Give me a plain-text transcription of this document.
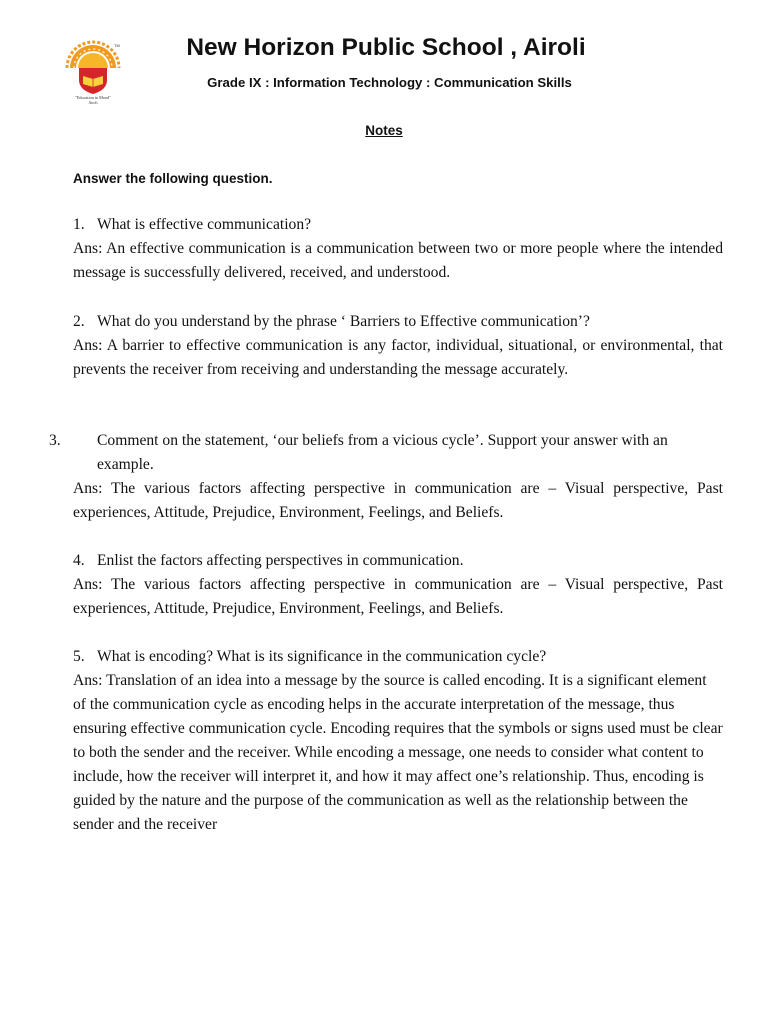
TM
"Education in Mood"
Airoli
New Horizon Public School , Airoli
Grade IX : Information Technology : Communication Skills
Notes
Answer the following question.
1. What is effective communication?
Ans: An effective communication is a communication between two or more people where the intended message is successfully delivered, received, and understood.
2. What do you understand by the phrase ‘ Barriers to Effective communication’?
Ans: A barrier to effective communication is any factor, individual, situational, or environmental, that prevents the receiver from receiving and understanding the message accurately.
3. Comment on the statement, ‘our beliefs from a vicious cycle’. Support your answer with an example.
Ans: The various factors affecting perspective in communication are – Visual perspective, Past experiences, Attitude, Prejudice, Environment, Feelings, and Beliefs.
4. Enlist the factors affecting perspectives in communication.
Ans: The various factors affecting perspective in communication are – Visual perspective, Past experiences, Attitude, Prejudice, Environment, Feelings, and Beliefs.
5. What is encoding? What is its significance in the communication cycle?
Ans: Translation of an idea into a message by the source is called encoding. It is a significant element of the communication cycle as encoding helps in the accurate interpretation of the message, thus ensuring effective communication cycle. Encoding requires that the symbols or signs used must be clear to both the sender and the receiver. While encoding a message, one needs to consider what content to include, how the receiver will interpret it, and how it may affect one’s relationship. Thus, encoding is guided by the nature and the purpose of the communication as well as the relationship between the sender and the receiver
